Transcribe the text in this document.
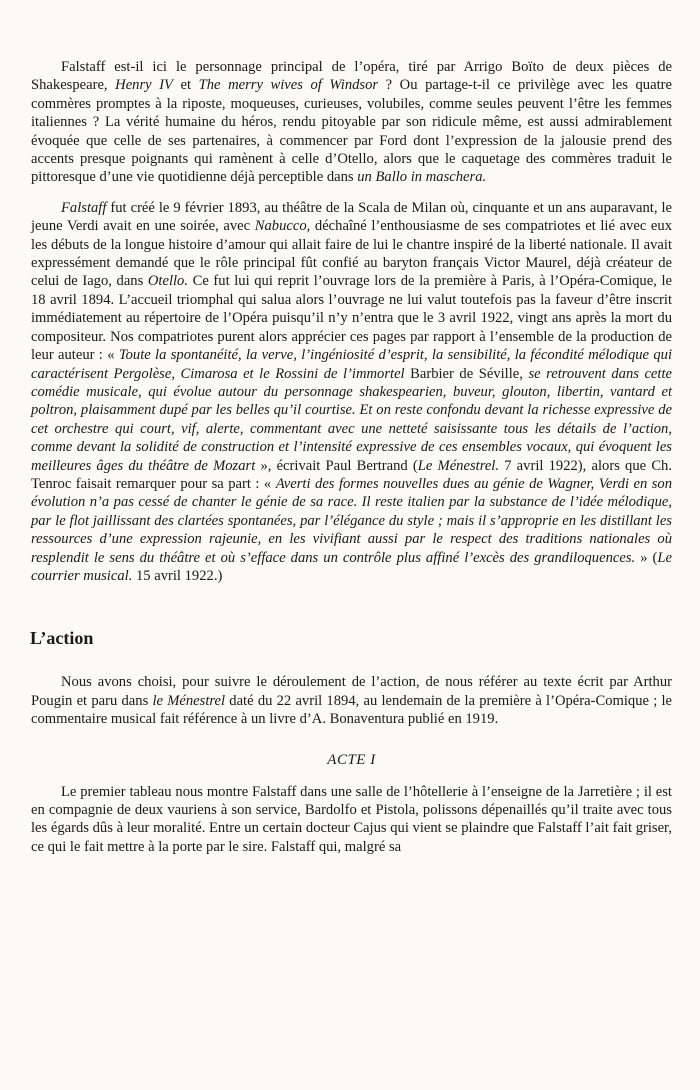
Falstaff est-il ici le personnage principal de l’opéra, tiré par Arrigo Boïto de deux pièces de Shakespeare, Henry IV et The merry wives of Windsor ? Ou partage-t-il ce privilège avec les quatre commères promptes à la riposte, moqueuses, curieuses, volubiles, comme seules peuvent l’être les femmes italiennes ? La vérité humaine du héros, rendu pitoyable par son ridicule même, est aussi admirablement évoquée que celle de ses partenaires, à commencer par Ford dont l’expression de la jalousie prend des accents presque poignants qui ramènent à celle d’Otello, alors que le caquetage des commères traduit le pittoresque d’une vie quotidienne déjà perceptible dans un Ballo in maschera.

Falstaff fut créé le 9 février 1893, au théâtre de la Scala de Milan où, cinquante et un ans auparavant, le jeune Verdi avait en une soirée, avec Nabucco, déchaîné l’enthousiasme de ses compatriotes et lié avec eux les débuts de la longue histoire d’amour qui allait faire de lui le chantre inspiré de la liberté nationale. Il avait expressément demandé que le rôle principal fût confié au baryton français Victor Maurel, déjà créateur de celui de Iago, dans Otello. Ce fut lui qui reprit l’ouvrage lors de la première à Paris, à l’Opéra-Comique, le 18 avril 1894. L’accueil triomphal qui salua alors l’ouvrage ne lui valut toutefois pas la faveur d’être inscrit immédiatement au répertoire de l’Opéra puisqu’il n’y n’entra que le 3 avril 1922, vingt ans après la mort du compositeur. Nos compatriotes purent alors apprécier ces pages par rapport à l’ensemble de la production de leur auteur : « Toute la spontanéité, la verve, l’ingéniosité d’esprit, la sensibilité, la fécondité mélodique qui caractérisent Pergolèse, Cimarosa et le Rossini de l’immortel Barbier de Séville, se retrouvent dans cette comédie musicale, qui évolue autour du personnage shakespearien, buveur, glouton, libertin, vantard et poltron, plaisamment dupé par les belles qu’il courtise. Et on reste confondu devant la richesse expressive de cet orchestre qui court, vif, alerte, commentant avec une netteté saisissante tous les détails de l’action, comme devant la solidité de construction et l’intensité expressive de ces ensembles vocaux, qui évoquent les meilleures âges du théâtre de Mozart », écrivait Paul Bertrand (Le Ménestrel. 7 avril 1922), alors que Ch. Tenroc faisait remarquer pour sa part : « Averti des formes nouvelles dues au génie de Wagner, Verdi en son évolution n’a pas cessé de chanter le génie de sa race. Il reste italien par la substance de l’idée mélodique, par le flot jaillissant des clartées spontanées, par l’élégance du style ; mais il s’approprie en les distillant les ressources d’une expression rajeunie, en les vivifiant aussi par le respect des traditions nationales où resplendit le sens du théâtre et où s’efface dans un contrôle plus affiné l’excès des grandiloquences. » (Le courrier musical. 15 avril 1922.)

L’action

Nous avons choisi, pour suivre le déroulement de l’action, de nous référer au texte écrit par Arthur Pougin et paru dans le Ménestrel daté du 22 avril 1894, au lendemain de la première à l’Opéra-Comique ; le commentaire musical fait référence à un livre d’A. Bonaventura publié en 1919.

ACTE I

Le premier tableau nous montre Falstaff dans une salle de l’hôtellerie à l’enseigne de la Jarretière ; il est en compagnie de deux vauriens à son service, Bardolfo et Pistola, polissons dépenaillés qu’il traite avec tous les égards dûs à leur moralité. Entre un certain docteur Cajus qui vient se plaindre que Falstaff l’ait fait griser, ce qui le fait mettre à la porte par le sire. Falstaff qui, malgré sa
